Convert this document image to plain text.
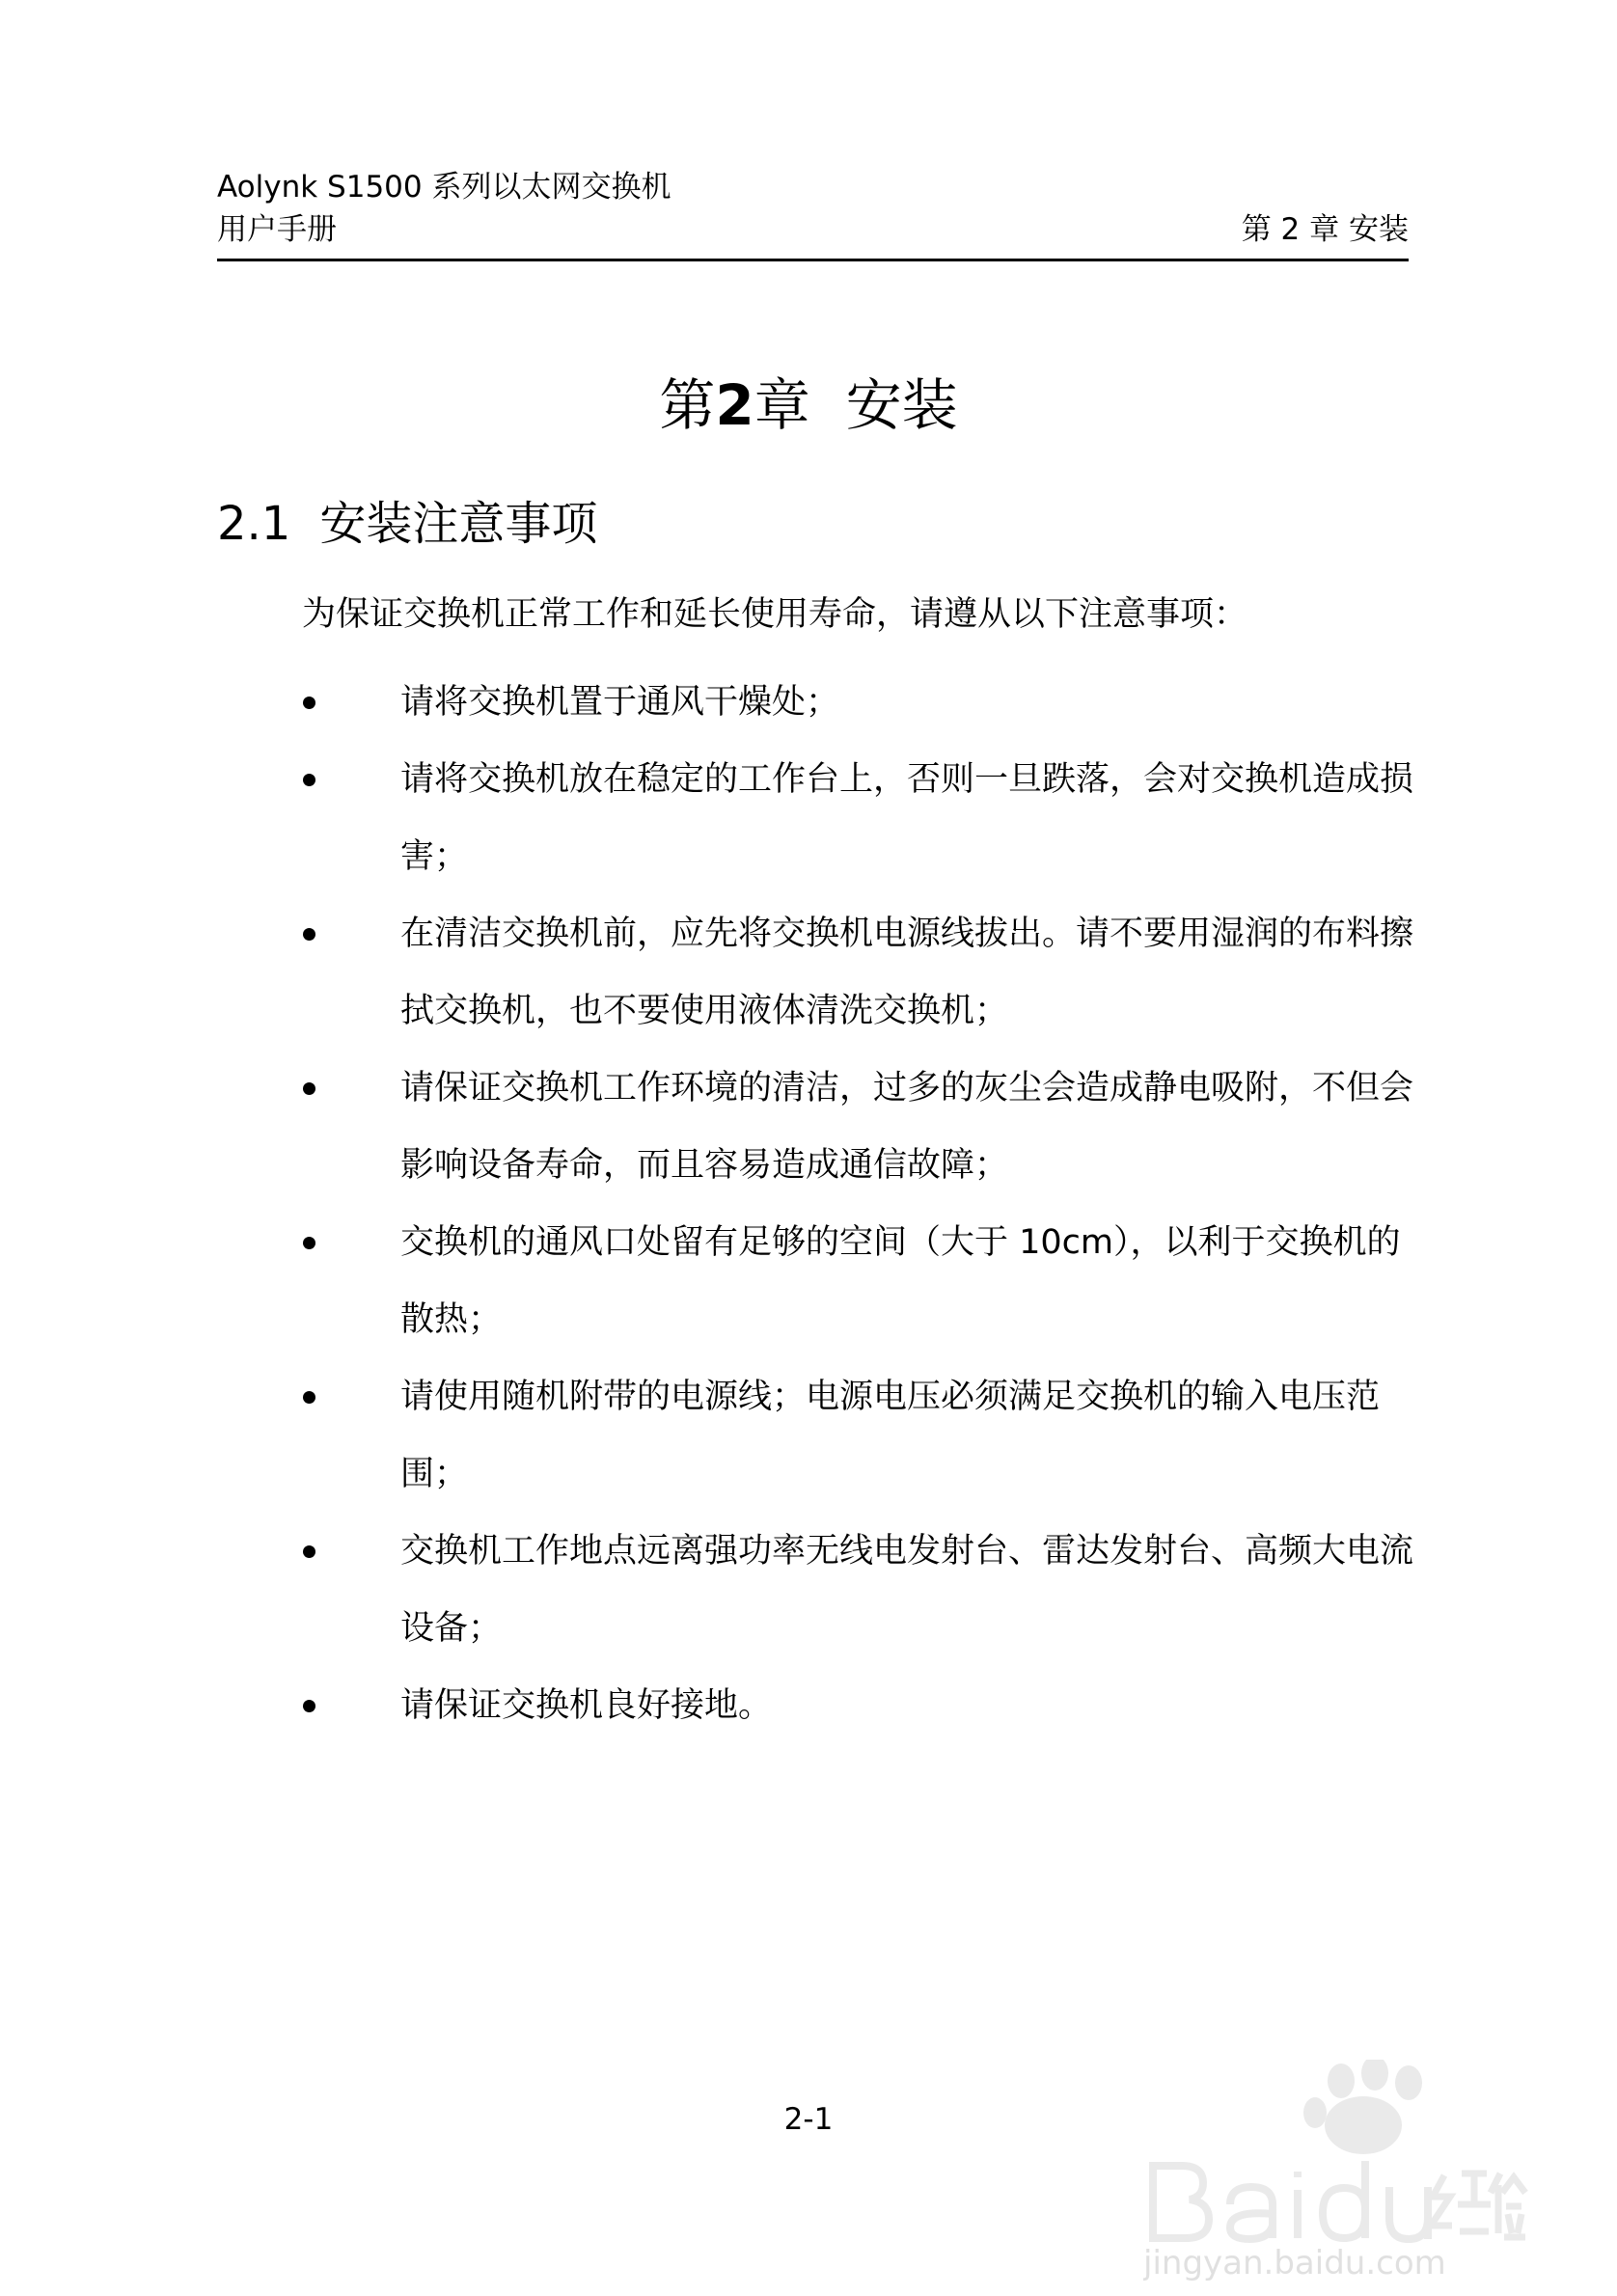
Aolynk S1500 系列以太网交换机
用户手册	第 2 章 安装
第2章 安装
2.1 安装注意事项

为保证交换机正常工作和延长使用寿命，请遵从以下注意事项：

请将交换机置于通风干燥处；
请将交换机放在稳定的工作台上，否则一旦跌落，会对交换机造成损害；
在清洁交换机前，应先将交换机电源线拔出。请不要用湿润的布料擦拭交换机，也不要使用液体清洗交换机；
请保证交换机工作环境的清洁，过多的灰尘会造成静电吸附，不但会影响设备寿命，而且容易造成通信故障；
交换机的通风口处留有足够的空间（大于 10cm），以利于交换机的散热；
请使用随机附带的电源线；电源电压必须满足交换机的输入电压范围；
交换机工作地点远离强功率无线电发射台、雷达发射台、高频大电流设备；
请保证交换机良好接地。
2-1
jingyan.baidu.com
